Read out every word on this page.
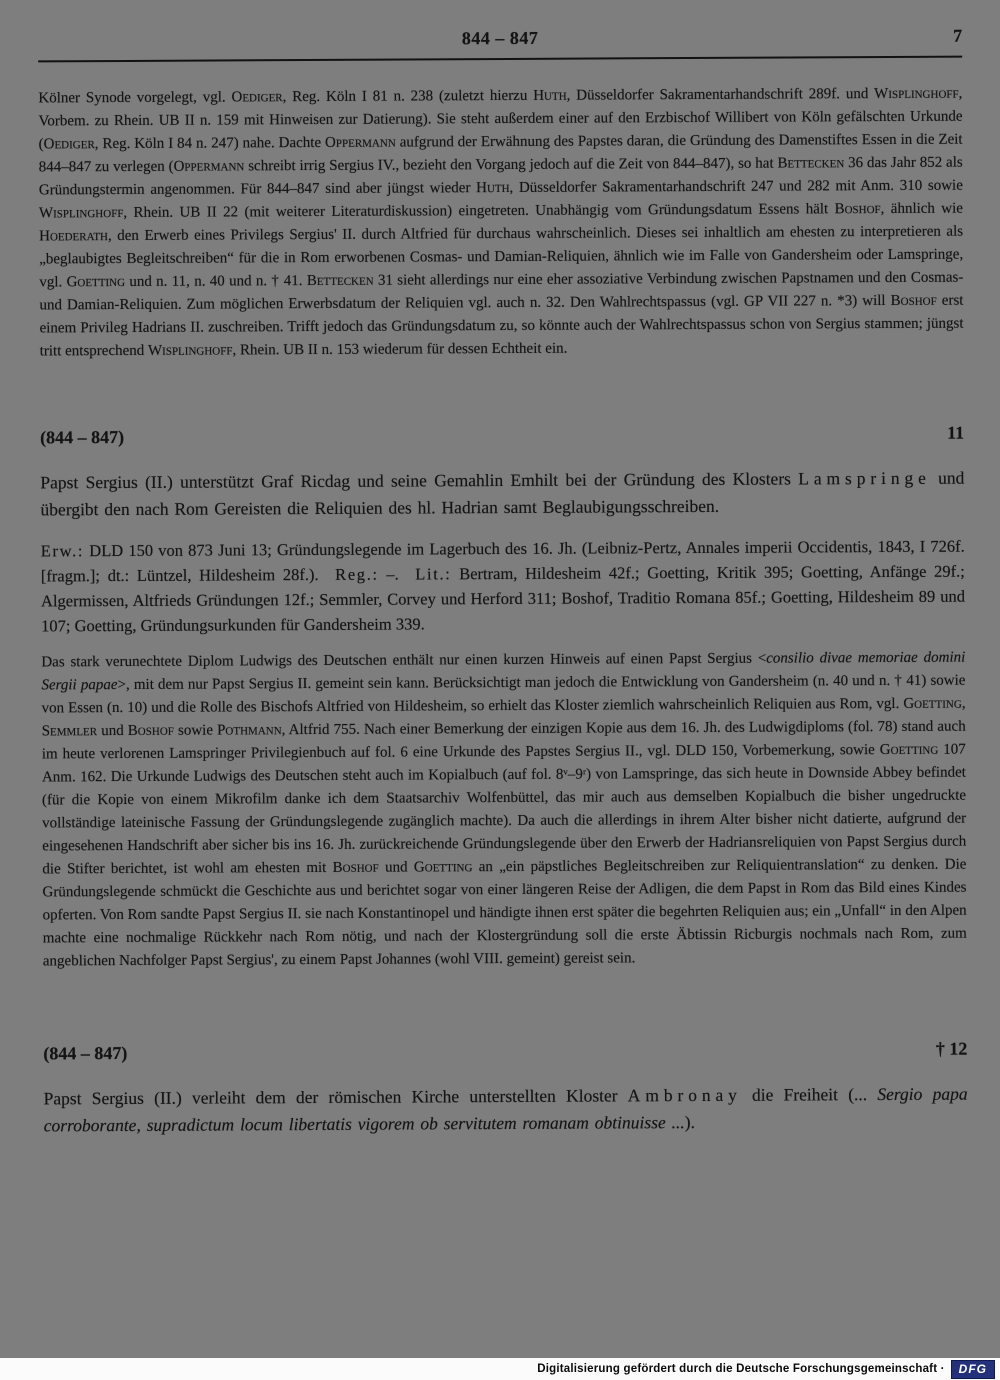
844 – 847	7

Kölner Synode vorgelegt, vgl. Oediger, Reg. Köln I 81 n. 238 (zuletzt hierzu Huth, Düsseldorfer Sakramentarhandschrift 289f. und Wisplinghoff, Vorbem. zu Rhein. UB II n. 159 mit Hinweisen zur Datierung). Sie steht außerdem einer auf den Erzbischof Willibert von Köln gefälschten Urkunde (Oediger, Reg. Köln I 84 n. 247) nahe. Dachte Oppermann aufgrund der Erwähnung des Papstes daran, die Gründung des Damenstiftes Essen in die Zeit 844–847 zu verlegen (Oppermann schreibt irrig Sergius IV., bezieht den Vorgang jedoch auf die Zeit von 844–847), so hat Bettecken 36 das Jahr 852 als Gründungstermin angenommen. Für 844–847 sind aber jüngst wieder Huth, Düsseldorfer Sakramentarhandschrift 247 und 282 mit Anm. 310 sowie Wisplinghoff, Rhein. UB II 22 (mit weiterer Literaturdiskussion) eingetreten. Unabhängig vom Gründungsdatum Essens hält Boshof, ähnlich wie Hoederath, den Erwerb eines Privilegs Sergius' II. durch Altfried für durchaus wahrscheinlich. Dieses sei inhaltlich am ehesten zu interpretieren als „beglaubigtes Begleitschreiben“ für die in Rom erworbenen Cosmas- und Damian-Reliquien, ähnlich wie im Falle von Gandersheim oder Lamspringe, vgl. Goetting und n. 11, n. 40 und n. † 41. Bettecken 31 sieht allerdings nur eine eher assoziative Verbindung zwischen Papstnamen und den Cosmas- und Damian-Reliquien. Zum möglichen Erwerbsdatum der Reliquien vgl. auch n. 32. Den Wahlrechtspassus (vgl. GP VII 227 n. *3) will Boshof erst einem Privileg Hadrians II. zuschreiben. Trifft jedoch das Gründungsdatum zu, so könnte auch der Wahlrechtspassus schon von Sergius stammen; jüngst tritt entsprechend Wisplinghoff, Rhein. UB II n. 153 wiederum für dessen Echtheit ein.

(844 – 847)	11

Papst Sergius (II.) unterstützt Graf Ricdag und seine Gemahlin Emhilt bei der Gründung des Klosters Lamspringe und übergibt den nach Rom Gereisten die Reliquien des hl. Hadrian samt Beglaubigungsschreiben.

Erw.: DLD 150 von 873 Juni 13; Gründungslegende im Lagerbuch des 16. Jh. (Leibniz-Pertz, Annales imperii Occidentis, 1843, I 726f. [fragm.]; dt.: Lüntzel, Hildesheim 28f.).  Reg.: –.  Lit.: Bertram, Hildesheim 42f.; Goetting, Kritik 395; Goetting, Anfänge 29f.; Algermissen, Altfrieds Gründungen 12f.; Semmler, Corvey und Herford 311; Boshof, Traditio Romana 85f.; Goetting, Hildesheim 89 und 107; Goetting, Gründungsurkunden für Gandersheim 339.

Das stark verunechtete Diplom Ludwigs des Deutschen enthält nur einen kurzen Hinweis auf einen Papst Sergius <consilio divae memoriae domini Sergii papae>, mit dem nur Papst Sergius II. gemeint sein kann. Berücksichtigt man jedoch die Entwicklung von Gandersheim (n. 40 und n. † 41) sowie von Essen (n. 10) und die Rolle des Bischofs Altfried von Hildesheim, so erhielt das Kloster ziemlich wahrscheinlich Reliquien aus Rom, vgl. Goetting, Semmler und Boshof sowie Pothmann, Altfrid 755. Nach einer Bemerkung der einzigen Kopie aus dem 16. Jh. des Ludwigdiploms (fol. 78) stand auch im heute verlorenen Lamspringer Privilegienbuch auf fol. 6 eine Urkunde des Papstes Sergius II., vgl. DLD 150, Vorbemerkung, sowie Goetting 107 Anm. 162. Die Urkunde Ludwigs des Deutschen steht auch im Kopialbuch (auf fol. 8ᵛ–9ʳ) von Lamspringe, das sich heute in Downside Abbey befindet (für die Kopie von einem Mikrofilm danke ich dem Staatsarchiv Wolfenbüttel, das mir auch aus demselben Kopialbuch die bisher ungedruckte vollständige lateinische Fassung der Gründungslegende zugänglich machte). Da auch die allerdings in ihrem Alter bisher nicht datierte, aufgrund der eingesehenen Handschrift aber sicher bis ins 16. Jh. zurückreichende Gründungslegende über den Erwerb der Hadriansreliquien von Papst Sergius durch die Stifter berichtet, ist wohl am ehesten mit Boshof und Goetting an „ein päpstliches Begleitschreiben zur Reliquientranslation“ zu denken. Die Gründungslegende schmückt die Geschichte aus und berichtet sogar von einer längeren Reise der Adligen, die dem Papst in Rom das Bild eines Kindes opferten. Von Rom sandte Papst Sergius II. sie nach Konstantinopel und händigte ihnen erst später die begehrten Reliquien aus; ein „Unfall“ in den Alpen machte eine nochmalige Rückkehr nach Rom nötig, und nach der Klostergründung soll die erste Äbtissin Ricburgis nochmals nach Rom, zum angeblichen Nachfolger Papst Sergius', zu einem Papst Johannes (wohl VIII. gemeint) gereist sein.

(844 – 847)	† 12

Papst Sergius (II.) verleiht dem der römischen Kirche unterstellten Kloster Ambronay die Freiheit (... Sergio papa corroborante, supradictum locum libertatis vigorem ob servitutem romanam obtinuisse ...).

Digitalisierung gefördert durch die Deutsche Forschungsgemeinschaft ·	DFG
